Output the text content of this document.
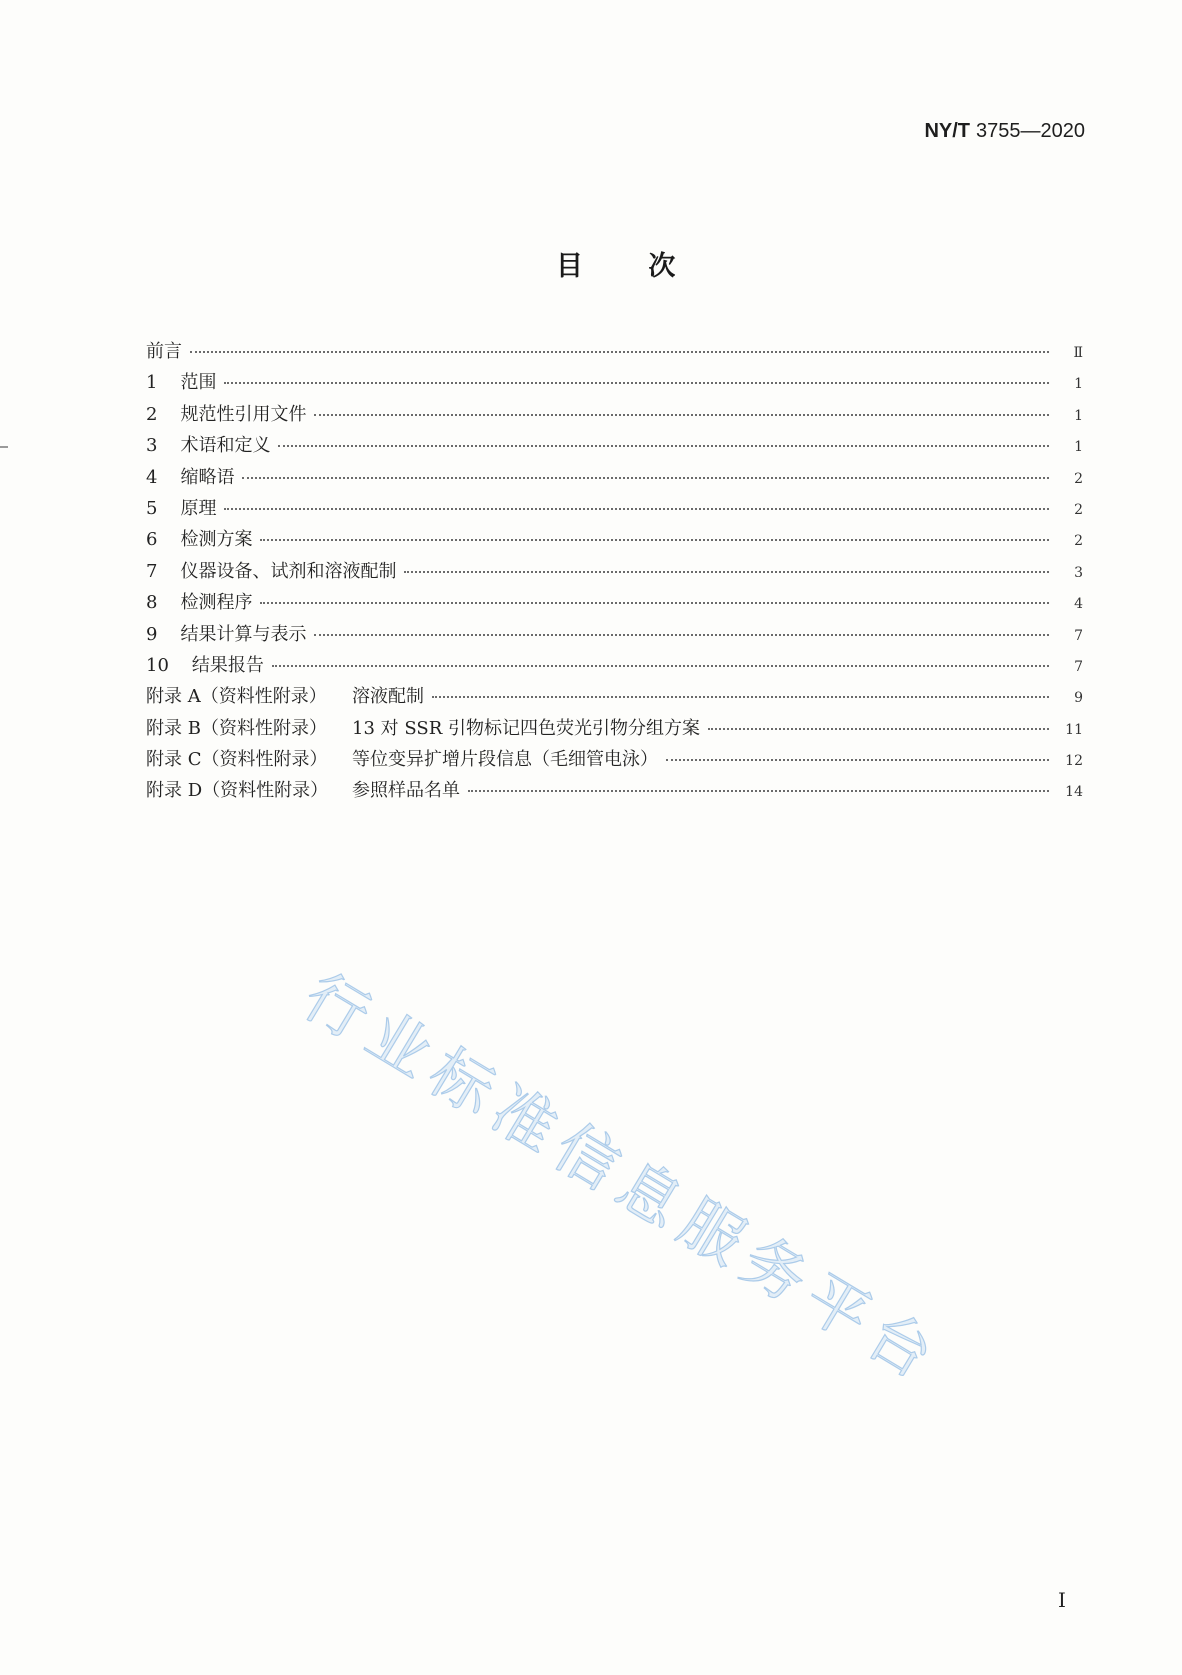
NY/T 3755—2020
目 次
前言	Ⅱ
1 范围	1
2 规范性引用文件	1
3 术语和定义	1
4 缩略语	2
5 原理	2
6 检测方案	2
7 仪器设备、试剂和溶液配制	3
8 检测程序	4
9 结果计算与表示	7
10 结果报告	7
附录 A（资料性附录）	溶液配制	9
附录 B（资料性附录）	13 对 SSR 引物标记四色荧光引物分组方案	11
附录 C（资料性附录）	等位变异扩增片段信息（毛细管电泳）	12
附录 D（资料性附录）	参照样品名单	14
行业标准信息服务平台
Ⅰ
